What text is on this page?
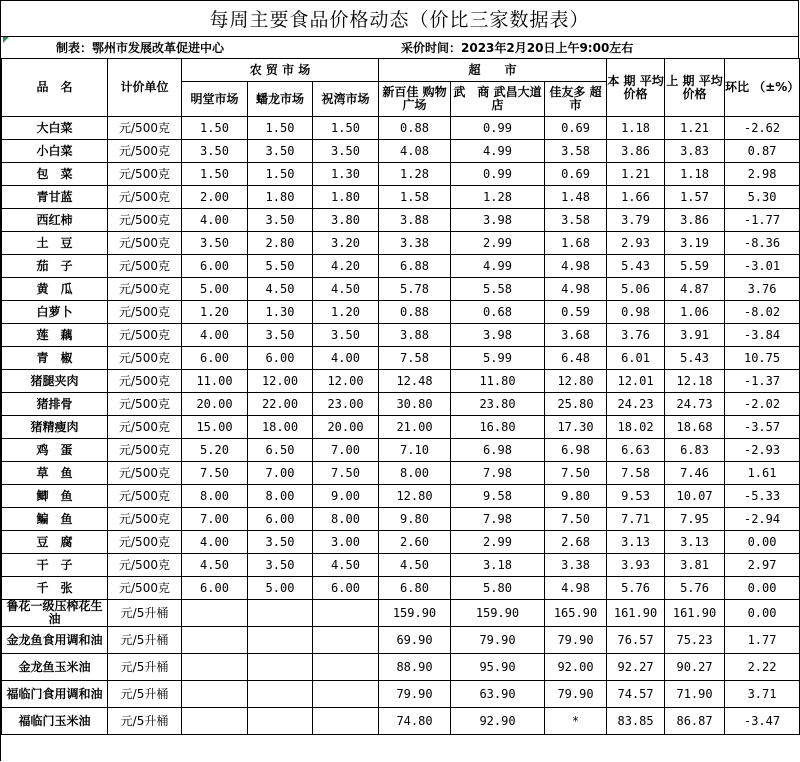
每周主要食品价格动态（价比三家数据表）
制表：鄂州市发展改革促进中心	采价时间：2023年2月20日上午9:00左右
品　名	计价单位	农 贸 市 场			超　　市			本 期 平均价格	上 期 平均价格	环比 （±%）
		明堂市场	蟠龙市场	祝湾市场	新百佳 购物广场	武　商 武昌大道店	佳友多 超　市			
大白菜	元/500克	1.50	1.50	1.50	0.88	0.99	0.69	1.18	1.21	-2.62
小白菜	元/500克	3.50	3.50	3.50	4.08	4.99	3.58	3.86	3.83	0.87
包　菜	元/500克	1.50	1.50	1.30	1.28	0.99	0.69	1.21	1.18	2.98
青甘蓝	元/500克	2.00	1.80	1.80	1.58	1.28	1.48	1.66	1.57	5.30
西红柿	元/500克	4.00	3.50	3.80	3.88	3.98	3.58	3.79	3.86	-1.77
土　豆	元/500克	3.50	2.80	3.20	3.38	2.99	1.68	2.93	3.19	-8.36
茄　子	元/500克	6.00	5.50	4.20	6.88	4.99	4.98	5.43	5.59	-3.01
黄　瓜	元/500克	5.00	4.50	4.50	5.78	5.58	4.98	5.06	4.87	3.76
白萝卜	元/500克	1.20	1.30	1.20	0.88	0.68	0.59	0.98	1.06	-8.02
莲　藕	元/500克	4.00	3.50	3.50	3.88	3.98	3.68	3.76	3.91	-3.84
青　椒	元/500克	6.00	6.00	4.00	7.58	5.99	6.48	6.01	5.43	10.75
猪腿夹肉	元/500克	11.00	12.00	12.00	12.48	11.80	12.80	12.01	12.18	-1.37
猪排骨	元/500克	20.00	22.00	23.00	30.80	23.80	25.80	24.23	24.73	-2.02
猪精瘦肉	元/500克	15.00	18.00	20.00	21.00	16.80	17.30	18.02	18.68	-3.57
鸡　蛋	元/500克	5.20	6.50	7.00	7.10	6.98	6.98	6.63	6.83	-2.93
草　鱼	元/500克	7.50	7.00	7.50	8.00	7.98	7.50	7.58	7.46	1.61
鲫　鱼	元/500克	8.00	8.00	9.00	12.80	9.58	9.80	9.53	10.07	-5.33
鳊　鱼	元/500克	7.00	6.00	8.00	9.80	7.98	7.50	7.71	7.95	-2.94
豆　腐	元/500克	4.00	3.50	3.00	2.60	2.99	2.68	3.13	3.13	0.00
干　子	元/500克	4.50	3.50	4.50	4.50	3.18	3.38	3.93	3.81	2.97
千　张	元/500克	6.00	5.00	6.00	6.80	5.80	4.98	5.76	5.76	0.00
鲁花一级压榨花生油	元/5升桶				159.90	159.90	165.90	161.90	161.90	0.00
金龙鱼食用调和油	元/5升桶				69.90	79.90	79.90	76.57	75.23	1.77
金龙鱼玉米油	元/5升桶				88.90	95.90	92.00	92.27	90.27	2.22
福临门食用调和油	元/5升桶				79.90	63.90	79.90	74.57	71.90	3.71
福临门玉米油	元/5升桶				74.80	92.90	*	83.85	86.87	-3.47
